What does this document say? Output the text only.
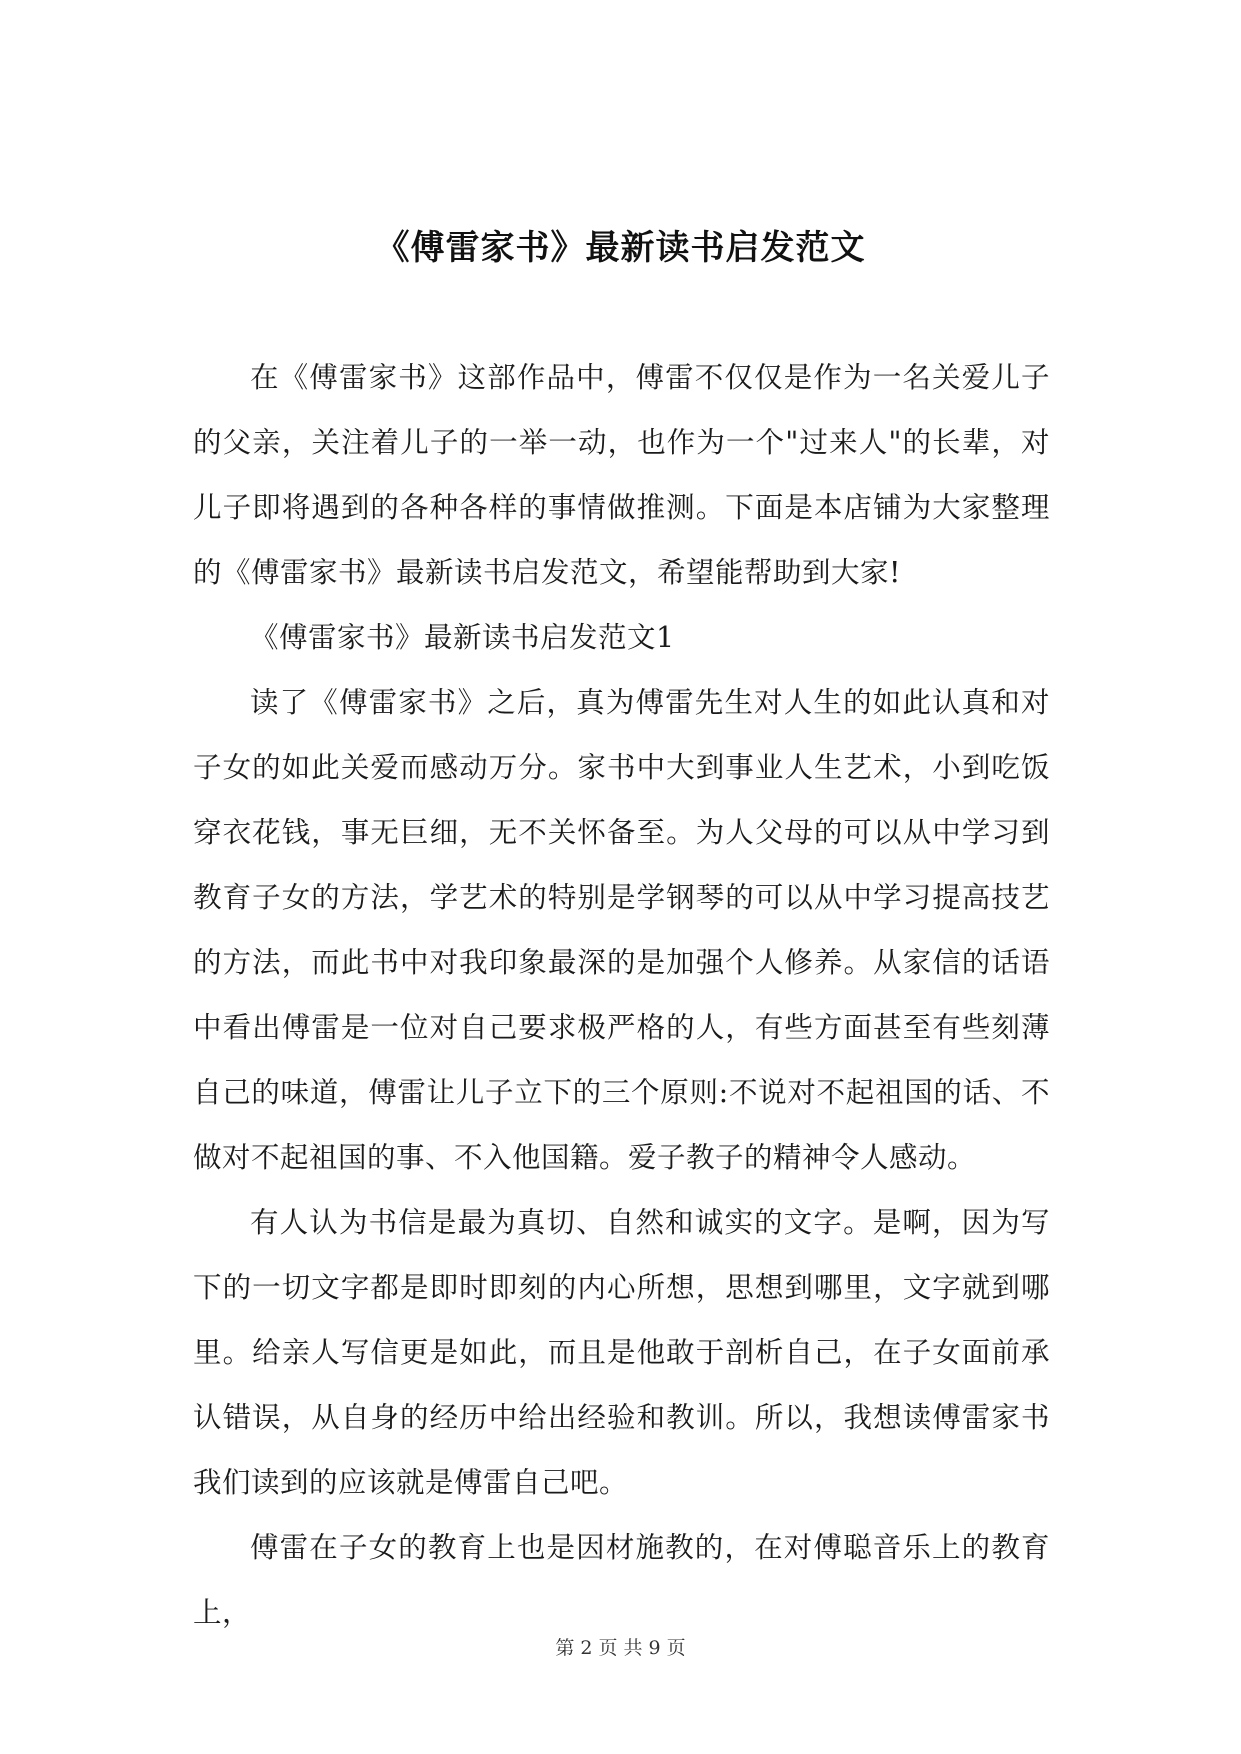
《傅雷家书》最新读书启发范文

在《傅雷家书》这部作品中，傅雷不仅仅是作为一名关爱儿子的父亲，关注着儿子的一举一动，也作为一个"过来人"的长辈，对儿子即将遇到的各种各样的事情做推测。下面是本店铺为大家整理的《傅雷家书》最新读书启发范文，希望能帮助到大家!

《傅雷家书》最新读书启发范文1

读了《傅雷家书》之后，真为傅雷先生对人生的如此认真和对子女的如此关爱而感动万分。家书中大到事业人生艺术，小到吃饭穿衣花钱，事无巨细，无不关怀备至。为人父母的可以从中学习到教育子女的方法，学艺术的特别是学钢琴的可以从中学习提高技艺的方法，而此书中对我印象最深的是加强个人修养。从家信的话语中看出傅雷是一位对自己要求极严格的人，有些方面甚至有些刻薄自己的味道，傅雷让儿子立下的三个原则:不说对不起祖国的话、不做对不起祖国的事、不入他国籍。爱子教子的精神令人感动。

有人认为书信是最为真切、自然和诚实的文字。是啊，因为写下的一切文字都是即时即刻的内心所想，思想到哪里，文字就到哪里。给亲人写信更是如此，而且是他敢于剖析自己，在子女面前承认错误，从自身的经历中给出经验和教训。所以，我想读傅雷家书我们读到的应该就是傅雷自己吧。

傅雷在子女的教育上也是因材施教的，在对傅聪音乐上的教育上，

第 2 页 共 9 页
